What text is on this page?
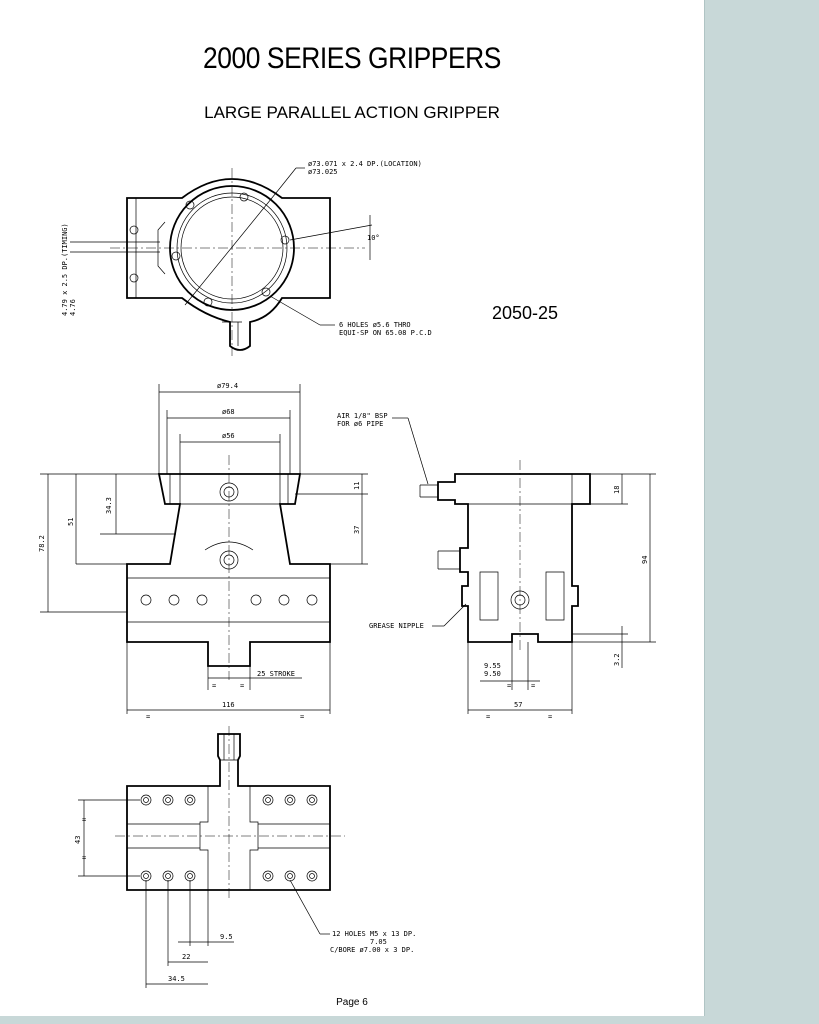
2000 SERIES GRIPPERS
LARGE PARALLEL ACTION GRIPPER
2050-25
Page 6
ø73.071 x 2.4 DP.(LOCATION)
ø73.025
10°
6 HOLES ø5.6 THRO
EQUI-SP ON 65.08 P.C.D
4.79 x 2.5 DP.(TIMING) 4.76
ø79.4
ø68
ø56
78.2
51
34.3
11
37
25 STROKE
=	=
116
=	=
18
94
3.2
9.55
9.50
=	=
57
=	=
AIR 1/8" BSP
FOR ø6 PIPE
GREASE NIPPLE
43
=
=
9.5
22
34.5
12 HOLES M5 x 13 DP.
7.05
C/BORE ø7.00 x 3 DP.
